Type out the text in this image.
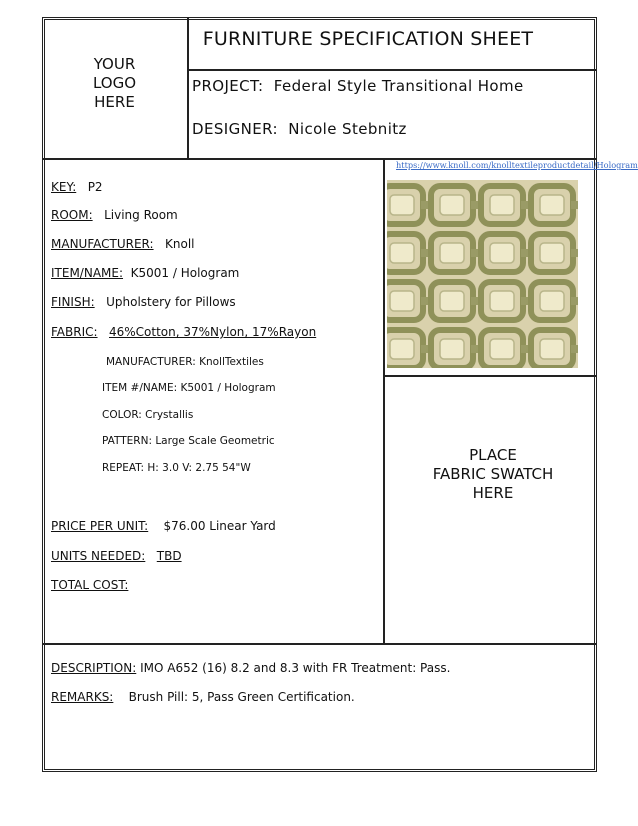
YOUR
LOGO
HERE
FURNITURE SPECIFICATION SHEET
PROJECT: Federal Style Transitional Home
DESIGNER: Nicole Stebnitz
KEY: P2
ROOM: Living Room
MANUFACTURER: Knoll
ITEM/NAME: K5001 / Hologram
FINISH: Upholstery for Pillows
FABRIC: 46%Cotton, 37%Nylon, 17%Rayon
MANUFACTURER: KnollTextiles
ITEM #/NAME: K5001 / Hologram
COLOR: Crystallis
PATTERN: Large Scale Geometric
REPEAT: H: 3.0 V: 2.75 54"W
PRICE PER UNIT: $76.00 Linear Yard
UNITS NEEDED: TBD
TOTAL COST:
https://www.knoll.com/knolltextileproductdetail/Hologram
PLACE
FABRIC SWATCH
HERE
DESCRIPTION: IMO A652 (16) 8.2 and 8.3 with FR Treatment: Pass.
REMARKS: Brush Pill: 5, Pass Green Certification.
